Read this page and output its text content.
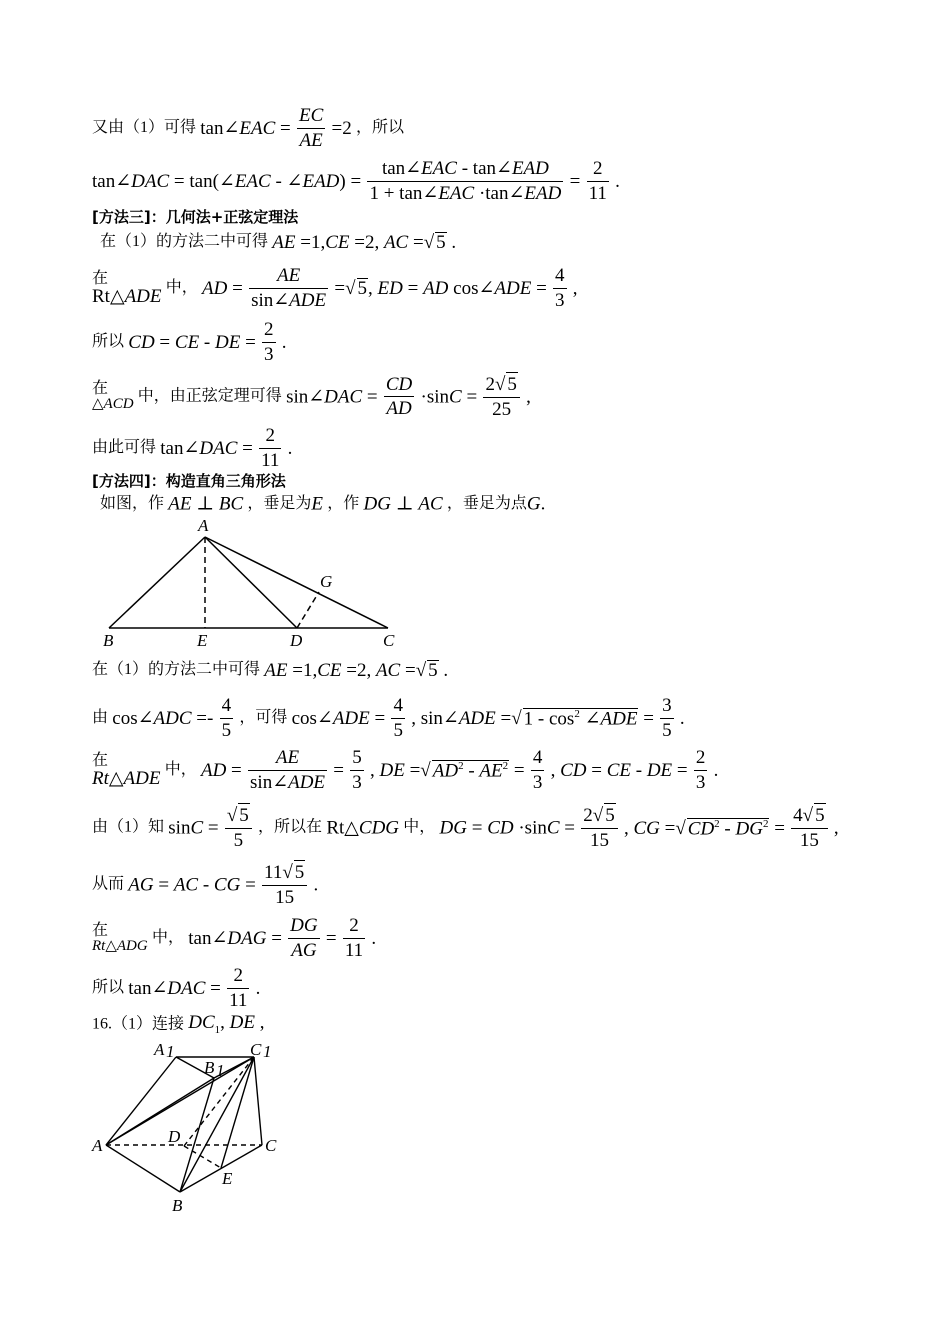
又由（1）可得 tan∠EAC = $\frac{EC}{AE} =2$ ，所以
tan∠DAC = tan(∠EAC - ∠EAD) = $\frac{\text{tan∠EAC - tan∠EAD}}{\text{1 + tan∠EAC ·tan∠EAD}} = \frac{2}{11}$ .
[方法三]：几何法+正弦定理法
在（1）的方法二中可得 AE =1,CE =2, AC =√ 5 .
在
Rt△ADE 中， AD = $\frac{AE}{\text{sin∠ADE}}$ =√ 5, ED = AD cos∠ADE = $\frac{4}{3}$ ,
所以 CD = CE - DE = $\frac{2}{3}$ .
在
△ACD 中，由正弦定理可得 sin∠DAC = $\frac{CD}{AD} \cdot\sin C = \frac{2√ 5}{25}$ ,
由此可得 tan∠DAC = $\frac{2}{11}$ .
[方法四]：构造直角三角形法
如图，作 AE ⊥ BC ，垂足为E ，作 DG ⊥ AC ，垂足为点G.
A
B	E	D	C
G
在（1）的方法二中可得 AE =1,CE =2, AC =√ 5 .
由 cos∠ADC =- $\frac{4}{5}$ ，可得 cos∠ADE = $\frac{4}{5}$ , sin∠ADE =√ $1 - \cos^2$ ∠ADE = $\frac{3}{5}$ .
在
Rt△ADE 中， AD = $\frac{AE}{\text{sin∠ADE}} = \frac{5}{3}$ , DE =√ $AD^2 - AE^2 = \frac{4}{3}$ , CD = CE - DE = $\frac{2}{3}$ .
由（1）知 $\sin C = \frac{√ 5}{5}$ ，所以在 Rt△CDG 中， DG = CD $\cdot\sin C = \frac{2√ 5}{15}$ , CG =√ $CD^2 - DG^2 = \frac{4√ 5}{15}$ ,
从而 AG = AC - CG = $\frac{11√ 5}{15}$ .
在
Rt△ADG 中， tan∠DAG = $\frac{DG}{AG} = \frac{2}{11}$ .
所以 tan∠DAC = $\frac{2}{11}$ .
16.（1）连接 $DC_1$, DE ,
A 1
B 1
C 1
A	D	C
E
B
